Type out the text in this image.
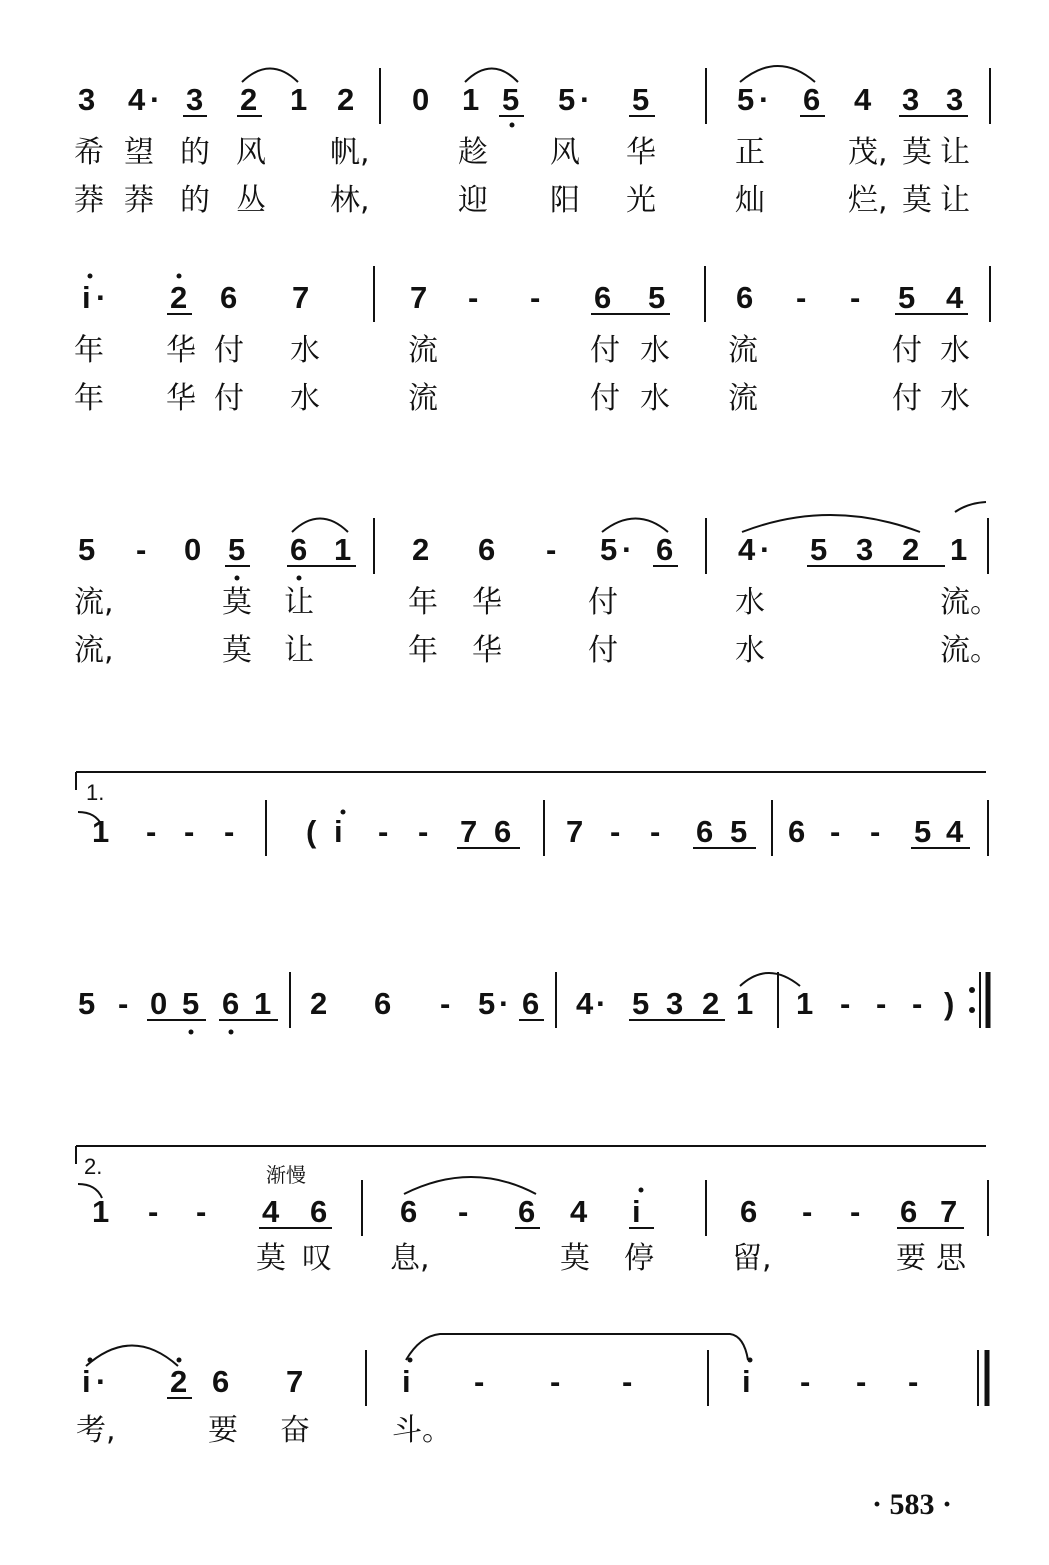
3 4 · 3 2 1 2 0 1 5 5 · 5	5 · 6 4 3 3
希 望 的 风 帆,	趁 风 华	正	茂, 莫 让
莽 莽 的 丛 林,	迎 阳 光	灿	烂, 莫 让
i · 2 6 7	7 - - 6 5 6 - - 5 4
年 华 付 水	流	付 水 流	付 水
年 华 付 水	流	付 水 流	付 水
5 - 0 5 6 1 2 6 - 5 · 6 4 · 5 3 2 1
流,	莫 让	年 华	付	水	流。
流,	莫 让	年 华	付	水	流。
1.
1 - - - ( i - - 7 6 7 - - 6 5 6 - - 5 4
5 - 0 5 6 1 2 6 - 5 · 6 4 · 5 3 2 1 1 - - - )
2.	渐慢
1 - - 4 6 6 - 6 4 i	6 - - 6 7
莫 叹 息,	莫 停	留,	要 思
i · 2 6 7	i - - -	i - - -
考,	要 奋	斗。
· 583 ·
